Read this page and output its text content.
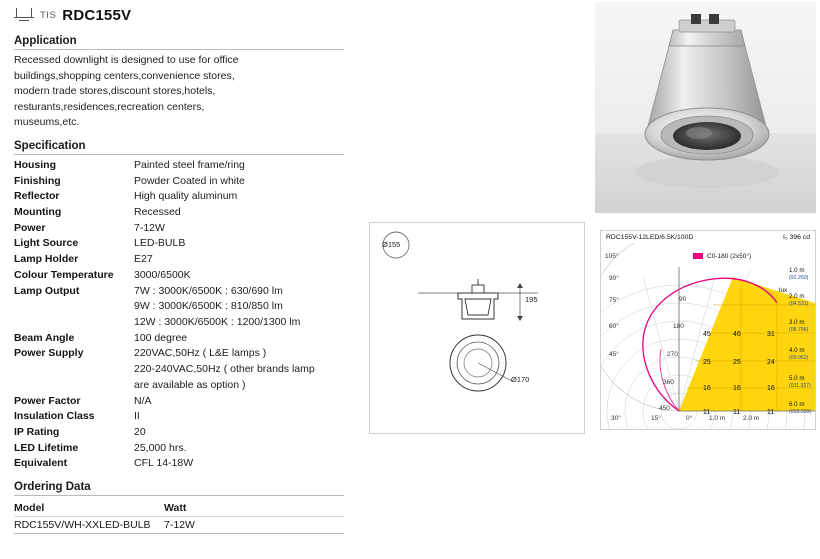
TIS RDC155V
Application
Recessed downlight is designed to use for office
buildings,shopping centers,convenience stores,
modern trade stores,discount stores,hotels,
resturants,residences,recreation centers,
museums,etc.
Specification
Housing	Painted steel frame/ring

Finishing	Powder Coated in white

Reflector	High quality aluminum

Mounting	Recessed

Power	7-12W

Light Source	LED-BULB

Lamp Holder	E27

Colour Temperature	3000/6500K

Lamp Output	7W : 3000K/6500K : 630/690 lm
9W : 3000K/6500K : 810/850 lm
12W : 3000K/6500K : 1200/1300 lm

Beam Angle	100 degree

Power Supply	220VAC,50Hz ( L&E lamps )
220-240VAC,50Hz ( other brands lamp
are available as option )

Power Factor	N/A

Insulation Class	II

IP Rating	20

LED Lifetime	25,000 hrs.

Equivalent	CFL 14-18W
Ordering Data
Model	Watt
RDC155V/WH-XXLED-BULB	7-12W
Ø155
195
Ø170
RDC155V-12LED/6.5K/100D	I₀ 396 cd
C0-180 (2x50°)
lux
105°
90°
75°
60°
45°
30°	15°	0°
90
180
270
360
450
45	46	31
25	25	24
16	16	16
11	11	11
1.0 m
(92.260)
2.0 m
(04.531)
3.0 m
(06.796)
4.0 m
(09.062)
5.0 m
(011.327)
6.0 m
(013.593)
1.0 m	2.0 m
